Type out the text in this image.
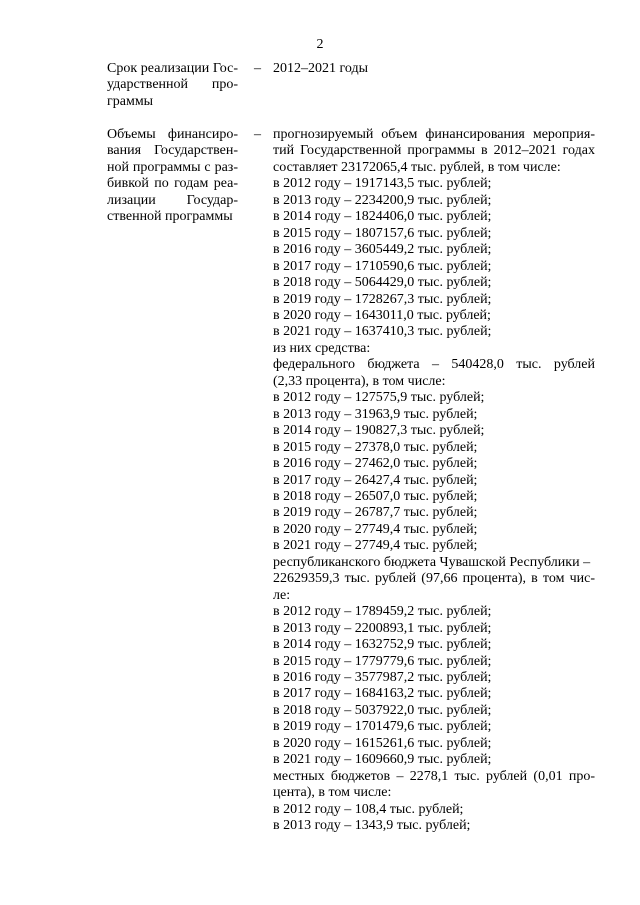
2
Срок реализации Гос-
ударственной про-
граммы
– 2012–2021 годы
Объемы финансиро-
вания Государствен-
ной программы с раз-
бивкой по годам реа-
лизации Государ-
ственной программы
– прогнозируемый объем финансирования мероприя-
тий Государственной программы в 2012–2021 годах
составляет 23172065,4 тыс. рублей, в том числе:
в 2012 году – 1917143,5 тыс. рублей;
в 2013 году – 2234200,9 тыс. рублей;
в 2014 году – 1824406,0 тыс. рублей;
в 2015 году – 1807157,6 тыс. рублей;
в 2016 году – 3605449,2 тыс. рублей;
в 2017 году – 1710590,6 тыс. рублей;
в 2018 году – 5064429,0 тыс. рублей;
в 2019 году – 1728267,3 тыс. рублей;
в 2020 году – 1643011,0 тыс. рублей;
в 2021 году – 1637410,3 тыс. рублей;
из них средства:
федерального бюджета – 540428,0 тыс. рублей
(2,33 процента), в том числе:
в 2012 году – 127575,9 тыс. рублей;
в 2013 году – 31963,9 тыс. рублей;
в 2014 году – 190827,3 тыс. рублей;
в 2015 году – 27378,0 тыс. рублей;
в 2016 году – 27462,0 тыс. рублей;
в 2017 году – 26427,4 тыс. рублей;
в 2018 году – 26507,0 тыс. рублей;
в 2019 году – 26787,7 тыс. рублей;
в 2020 году – 27749,4 тыс. рублей;
в 2021 году – 27749,4 тыс. рублей;
республиканского бюджета Чувашской Республики –
22629359,3 тыс. рублей (97,66 процента), в том чис-
ле:
в 2012 году – 1789459,2 тыс. рублей;
в 2013 году – 2200893,1 тыс. рублей;
в 2014 году – 1632752,9 тыс. рублей;
в 2015 году – 1779779,6 тыс. рублей;
в 2016 году – 3577987,2 тыс. рублей;
в 2017 году – 1684163,2 тыс. рублей;
в 2018 году – 5037922,0 тыс. рублей;
в 2019 году – 1701479,6 тыс. рублей;
в 2020 году – 1615261,6 тыс. рублей;
в 2021 году – 1609660,9 тыс. рублей;
местных бюджетов – 2278,1 тыс. рублей (0,01 про-
цента), в том числе:
в 2012 году – 108,4 тыс. рублей;
в 2013 году – 1343,9 тыс. рублей;
